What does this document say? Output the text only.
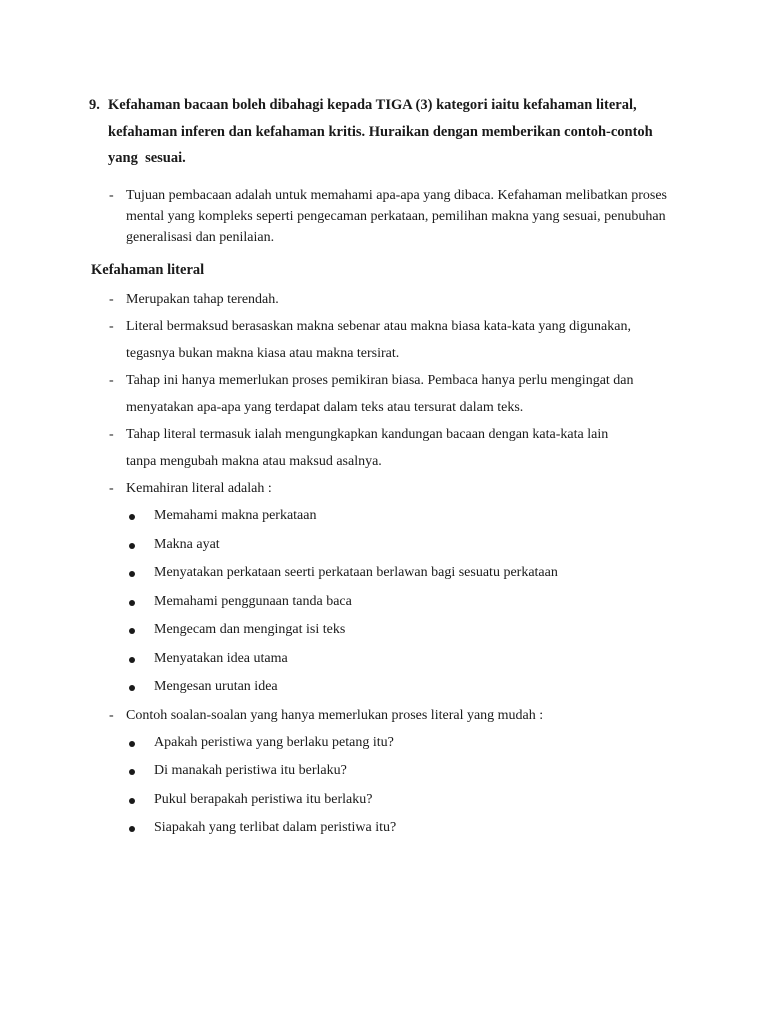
9. Kefahaman bacaan boleh dibahagi kepada TIGA (3) kategori iaitu kefahaman literal,
kefahaman inferen dan kefahaman kritis. Huraikan dengan memberikan contoh-contoh
yang  sesuai.
- Tujuan pembacaan adalah untuk memahami apa-apa yang dibaca. Kefahaman melibatkan proses mental yang kompleks seperti pengecaman perkataan, pemilihan makna yang sesuai, penubuhan generalisasi dan penilaian.
Kefahaman literal
- Merupakan tahap terendah.
- Literal bermaksud berasaskan makna sebenar atau makna biasa kata-kata yang digunakan,
tegasnya bukan makna kiasa atau makna tersirat.
- Tahap ini hanya memerlukan proses pemikiran biasa. Pembaca hanya perlu mengingat dan
menyatakan apa-apa yang terdapat dalam teks atau tersurat dalam teks.
- Tahap literal termasuk ialah mengungkapkan kandungan bacaan dengan kata-kata lain
tanpa mengubah makna atau maksud asalnya.
- Kemahiran literal adalah :
Memahami makna perkataan
Makna ayat
Menyatakan perkataan seerti perkataan berlawan bagi sesuatu perkataan
Memahami penggunaan tanda baca
Mengecam dan mengingat isi teks
Menyatakan idea utama
Mengesan urutan idea
- Contoh soalan-soalan yang hanya memerlukan proses literal yang mudah :
Apakah peristiwa yang berlaku petang itu?
Di manakah peristiwa itu berlaku?
Pukul berapakah peristiwa itu berlaku?
Siapakah yang terlibat dalam peristiwa itu?
